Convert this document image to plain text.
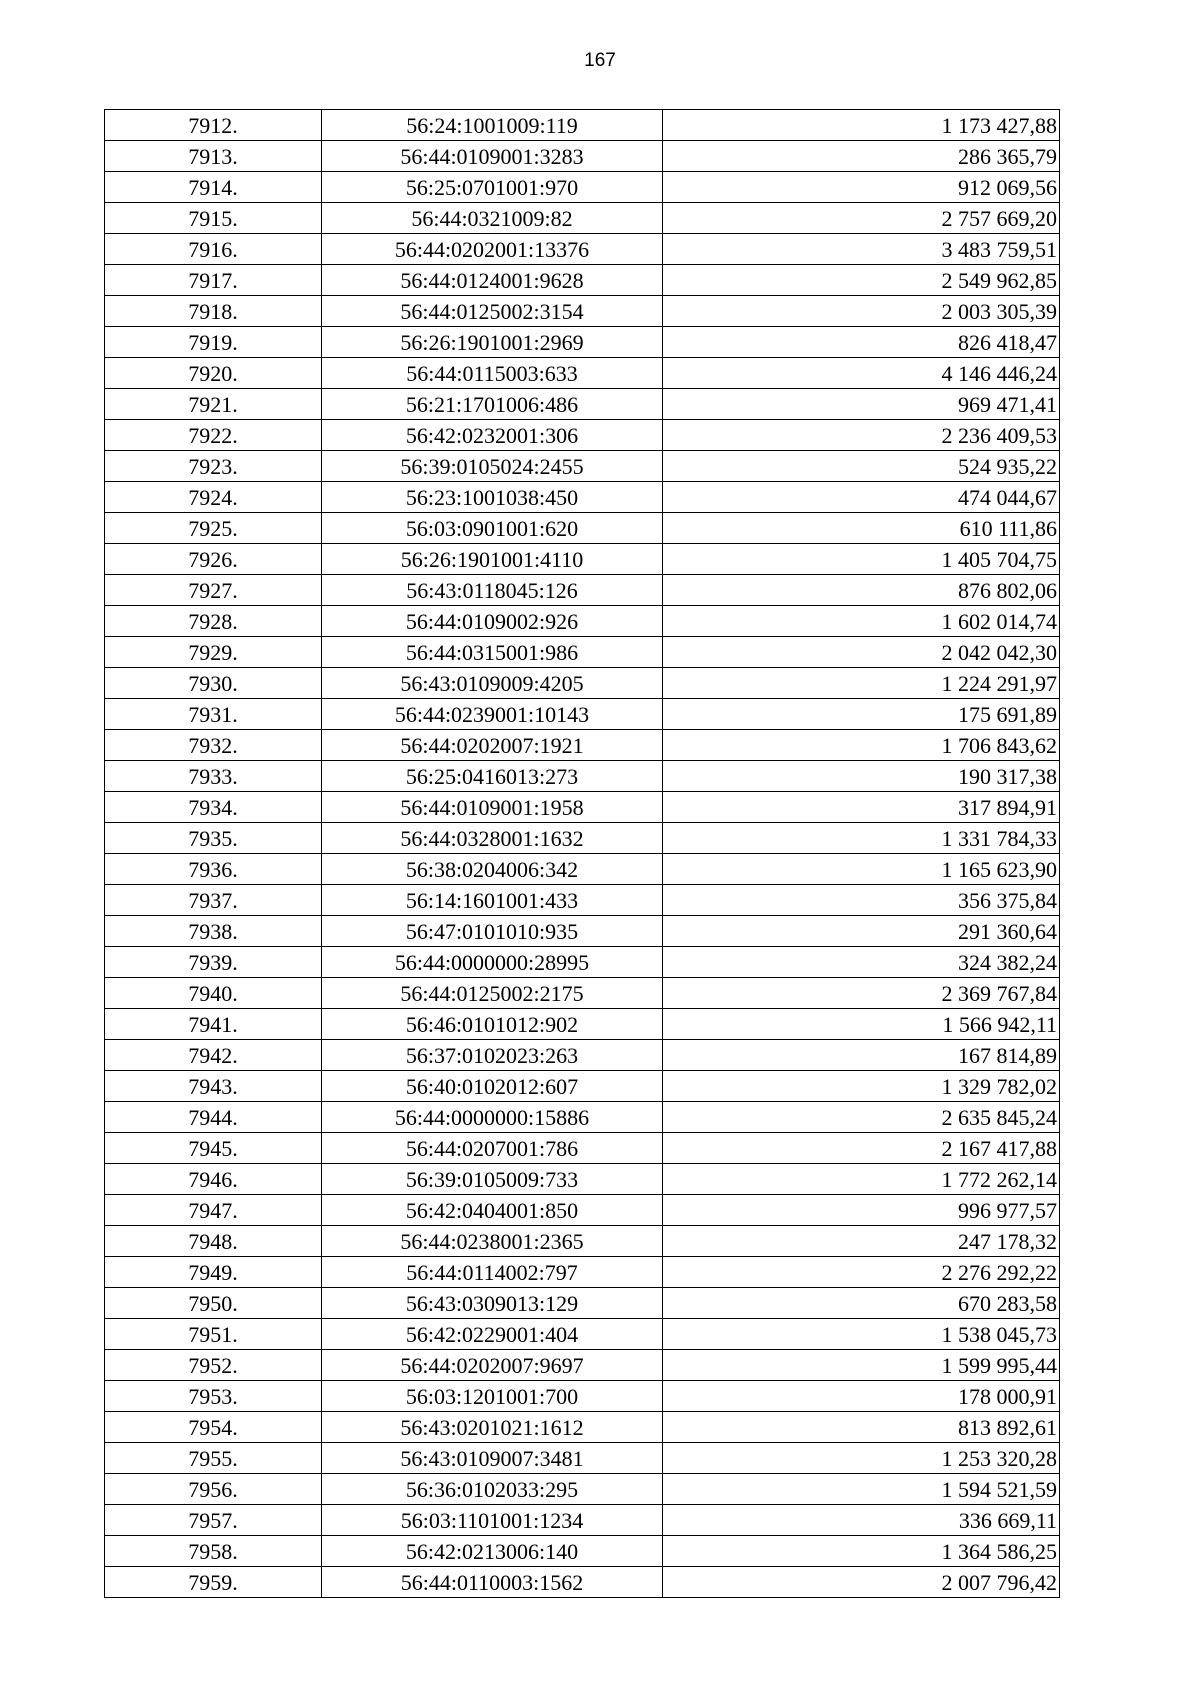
167
7912.	56:24:1001009:119	1 173 427,88
7913.	56:44:0109001:3283	286 365,79
7914.	56:25:0701001:970	912 069,56
7915.	56:44:0321009:82	2 757 669,20
7916.	56:44:0202001:13376	3 483 759,51
7917.	56:44:0124001:9628	2 549 962,85
7918.	56:44:0125002:3154	2 003 305,39
7919.	56:26:1901001:2969	826 418,47
7920.	56:44:0115003:633	4 146 446,24
7921.	56:21:1701006:486	969 471,41
7922.	56:42:0232001:306	2 236 409,53
7923.	56:39:0105024:2455	524 935,22
7924.	56:23:1001038:450	474 044,67
7925.	56:03:0901001:620	610 111,86
7926.	56:26:1901001:4110	1 405 704,75
7927.	56:43:0118045:126	876 802,06
7928.	56:44:0109002:926	1 602 014,74
7929.	56:44:0315001:986	2 042 042,30
7930.	56:43:0109009:4205	1 224 291,97
7931.	56:44:0239001:10143	175 691,89
7932.	56:44:0202007:1921	1 706 843,62
7933.	56:25:0416013:273	190 317,38
7934.	56:44:0109001:1958	317 894,91
7935.	56:44:0328001:1632	1 331 784,33
7936.	56:38:0204006:342	1 165 623,90
7937.	56:14:1601001:433	356 375,84
7938.	56:47:0101010:935	291 360,64
7939.	56:44:0000000:28995	324 382,24
7940.	56:44:0125002:2175	2 369 767,84
7941.	56:46:0101012:902	1 566 942,11
7942.	56:37:0102023:263	167 814,89
7943.	56:40:0102012:607	1 329 782,02
7944.	56:44:0000000:15886	2 635 845,24
7945.	56:44:0207001:786	2 167 417,88
7946.	56:39:0105009:733	1 772 262,14
7947.	56:42:0404001:850	996 977,57
7948.	56:44:0238001:2365	247 178,32
7949.	56:44:0114002:797	2 276 292,22
7950.	56:43:0309013:129	670 283,58
7951.	56:42:0229001:404	1 538 045,73
7952.	56:44:0202007:9697	1 599 995,44
7953.	56:03:1201001:700	178 000,91
7954.	56:43:0201021:1612	813 892,61
7955.	56:43:0109007:3481	1 253 320,28
7956.	56:36:0102033:295	1 594 521,59
7957.	56:03:1101001:1234	336 669,11
7958.	56:42:0213006:140	1 364 586,25
7959.	56:44:0110003:1562	2 007 796,42
